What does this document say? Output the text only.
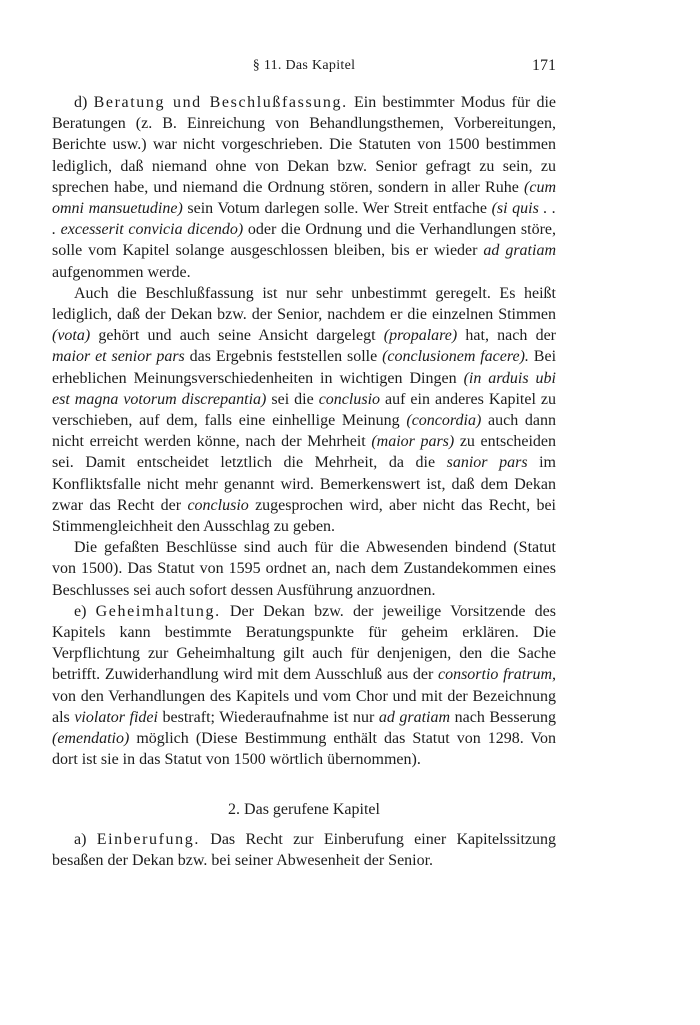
§ 11. Das Kapitel	171

d) Beratung und Beschlußfassung. Ein bestimmter Modus für die Beratungen (z. B. Einreichung von Behandlungsthemen, Vorbereitungen, Berichte usw.) war nicht vorgeschrieben. Die Statuten von 1500 bestimmen lediglich, daß niemand ohne von Dekan bzw. Senior gefragt zu sein, zu sprechen habe, und niemand die Ordnung stören, sondern in aller Ruhe (cum omni mansuetudine) sein Votum darlegen solle. Wer Streit entfache (si quis . . . excesserit convicia dicendo) oder die Ordnung und die Verhandlungen störe, solle vom Kapitel solange ausgeschlossen bleiben, bis er wieder ad gratiam aufgenommen werde.

Auch die Beschlußfassung ist nur sehr unbestimmt geregelt. Es heißt lediglich, daß der Dekan bzw. der Senior, nachdem er die einzelnen Stimmen (vota) gehört und auch seine Ansicht dargelegt (propalare) hat, nach der maior et senior pars das Ergebnis feststellen solle (conclusionem facere). Bei erheblichen Meinungsverschiedenheiten in wichtigen Dingen (in arduis ubi est magna votorum discrepantia) sei die conclusio auf ein anderes Kapitel zu verschieben, auf dem, falls eine einhellige Meinung (concordia) auch dann nicht erreicht werden könne, nach der Mehrheit (maior pars) zu entscheiden sei. Damit entscheidet letztlich die Mehrheit, da die sanior pars im Konfliktsfalle nicht mehr genannt wird. Bemerkenswert ist, daß dem Dekan zwar das Recht der conclusio zugesprochen wird, aber nicht das Recht, bei Stimmengleichheit den Ausschlag zu geben.

Die gefaßten Beschlüsse sind auch für die Abwesenden bindend (Statut von 1500). Das Statut von 1595 ordnet an, nach dem Zustandekommen eines Beschlusses sei auch sofort dessen Ausführung anzuordnen.

e) Geheimhaltung. Der Dekan bzw. der jeweilige Vorsitzende des Kapitels kann bestimmte Beratungspunkte für geheim erklären. Die Verpflichtung zur Geheimhaltung gilt auch für denjenigen, den die Sache betrifft. Zuwiderhandlung wird mit dem Ausschluß aus der consortio fratrum, von den Verhandlungen des Kapitels und vom Chor und mit der Bezeichnung als violator fidei bestraft; Wiederaufnahme ist nur ad gratiam nach Besserung (emendatio) möglich (Diese Bestimmung enthält das Statut von 1298. Von dort ist sie in das Statut von 1500 wörtlich übernommen).

2. Das gerufene Kapitel

a) Einberufung. Das Recht zur Einberufung einer Kapitelssitzung besaßen der Dekan bzw. bei seiner Abwesenheit der Senior.
